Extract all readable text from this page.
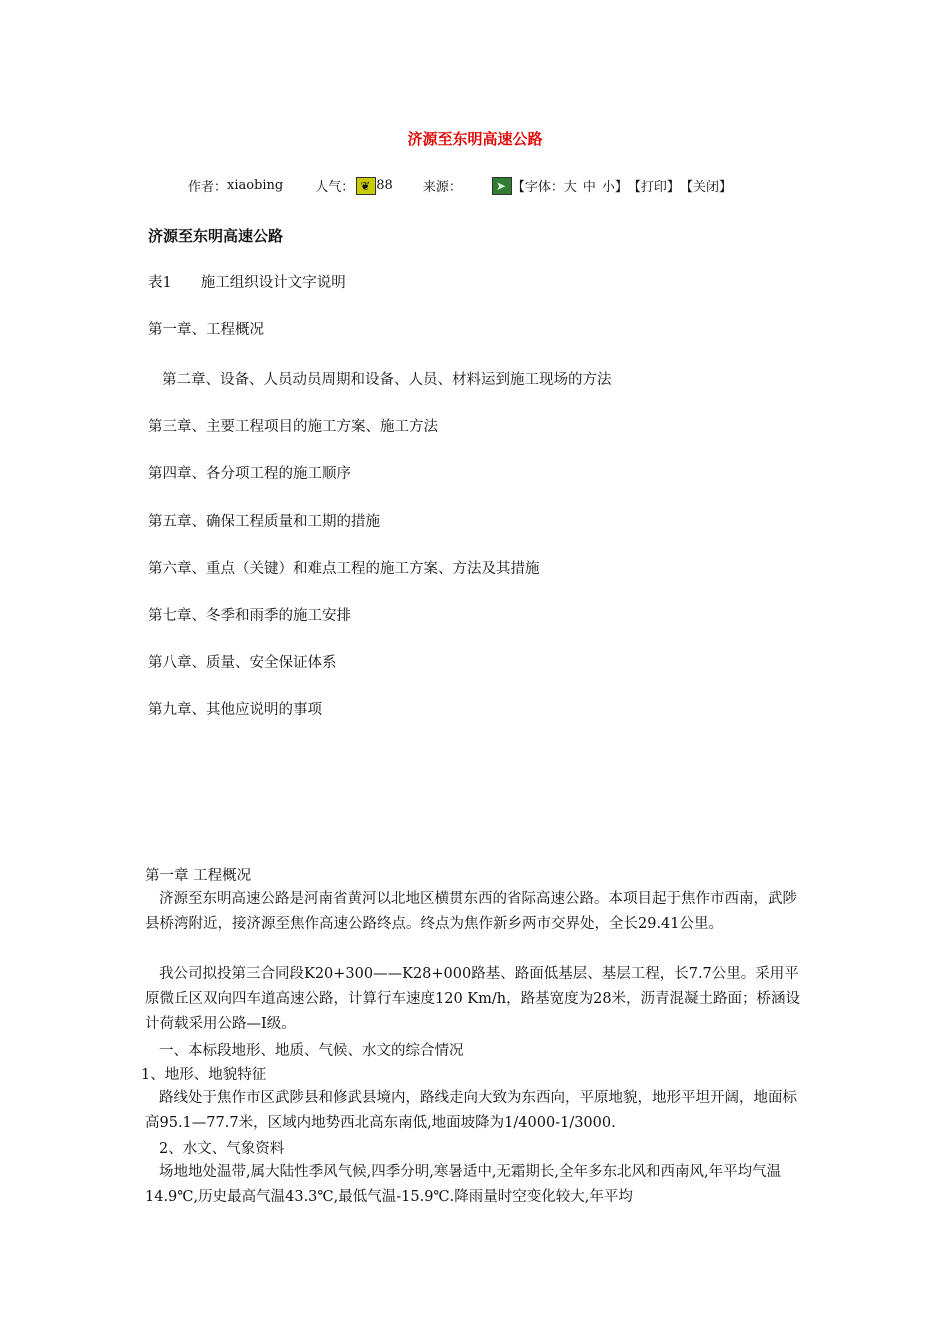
济源至东明高速公路
作者： xiaobing 人气： ❦ 88 来源：	➤ 【字体： 大 中 小 】 【打印】 【关闭】
济源至东明高速公路
表1　　施工组织设计文字说明
第一章、工程概况
第二章、设备、人员动员周期和设备、人员、材料运到施工现场的方法
第三章、主要工程项目的施工方案、施工方法
第四章、各分项工程的施工顺序
第五章、确保工程质量和工期的措施
第六章、重点（关键）和难点工程的施工方案、方法及其措施
第七章、冬季和雨季的施工安排
第八章、质量、安全保证体系
第九章、其他应说明的事项
第一章 工程概况
济源至东明高速公路是河南省黄河以北地区横贯东西的省际高速公路。本项目起于焦作市西南，武陟县桥湾附近，接济源至焦作高速公路终点。终点为焦作新乡两市交界处，全长29.41公里。
我公司拟投第三合同段K20+300——K28+000路基、路面低基层、基层工程，长7.7公里。采用平原微丘区双向四车道高速公路，计算行车速度120 Km/h，路基宽度为28米，沥青混凝土路面；桥涵设计荷载采用公路—I级。
一、本标段地形、地质、气候、水文的综合情况
1、地形、地貌特征
路线处于焦作市区武陟县和修武县境内，路线走向大致为东西向，平原地貌，地形平坦开阔，地面标高95.1—77.7米，区域内地势西北高东南低,地面坡降为1/4000-1/3000.
2、水文、气象资料
场地地处温带,属大陆性季风气候,四季分明,寒暑适中,无霜期长,全年多东北风和西南风,年平均气温14.9℃,历史最高气温43.3℃,最低气温-15.9℃.降雨量时空变化较大,年平均
